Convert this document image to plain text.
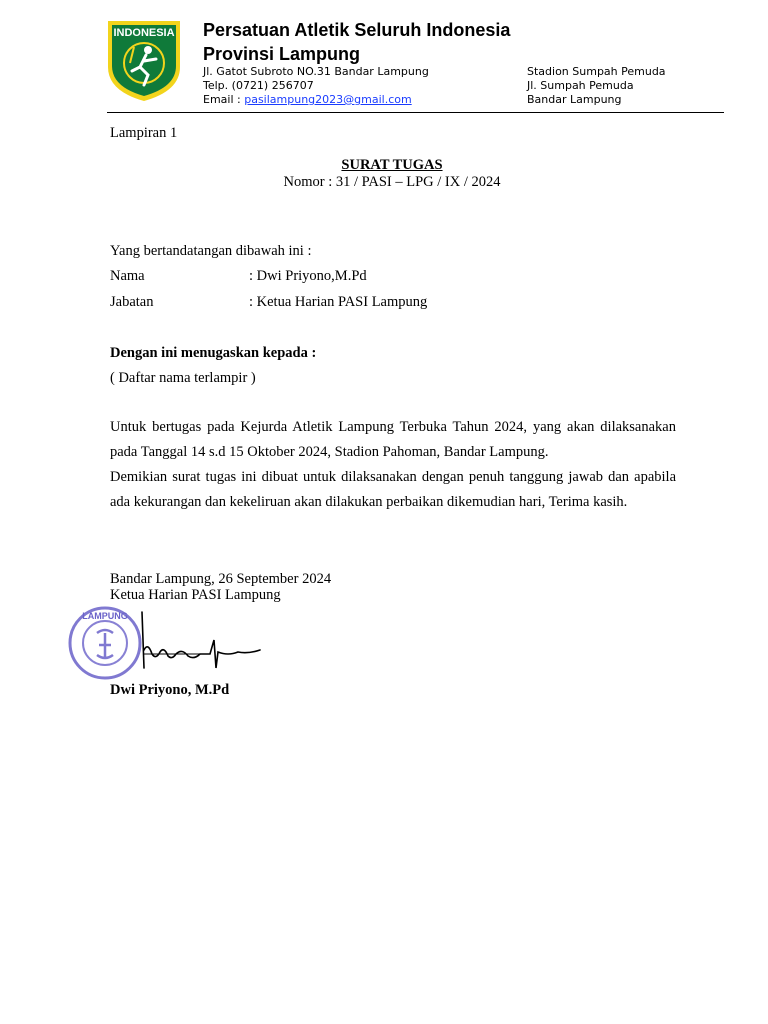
INDONESIA Persatuan Atletik Seluruh Indonesia
Provinsi Lampung
Jl. Gatot Subroto NO.31 Bandar Lampung
Telp. (0721) 256707
Email : pasilampung2023@gmail.com
Stadion Sumpah Pemuda
Jl. Sumpah Pemuda
Bandar Lampung
Lampiran 1
SURAT TUGAS
Nomor : 31 / PASI – LPG / IX / 2024
Yang bertandatangan dibawah ini :
Nama	: Dwi Priyono,M.Pd
Jabatan	: Ketua Harian PASI Lampung
Dengan ini menugaskan kepada :
( Daftar nama terlampir )
Untuk bertugas pada Kejurda Atletik Lampung Terbuka Tahun 2024, yang akan dilaksanakan pada Tanggal 14 s.d 15 Oktober 2024, Stadion Pahoman, Bandar Lampung.
Demikian surat tugas ini dibuat untuk dilaksanakan dengan penuh tanggung jawab dan apabila ada kekurangan dan kekeliruan akan dilakukan perbaikan dikemudian hari, Terima kasih.
Bandar Lampung, 26 September 2024
Ketua Harian PASI Lampung
LAMPUNG
Dwi Priyono, M.Pd
